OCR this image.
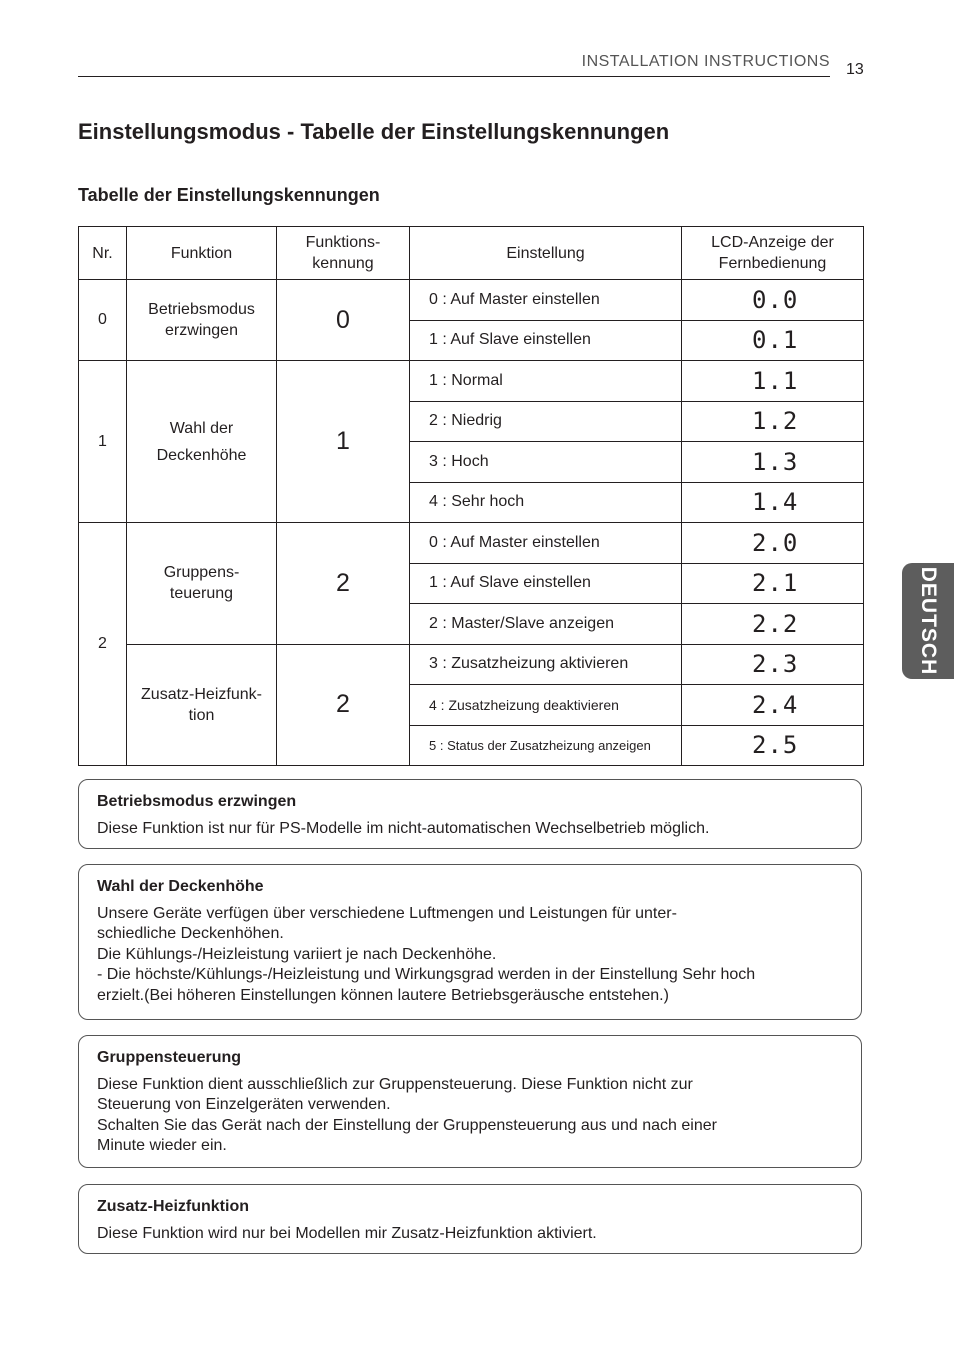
INSTALLATION INSTRUCTIONS 13
DEUTSCH
Einstellungsmodus - Tabelle der Einstellungskennungen
Tabelle der Einstellungskennungen
Nr.	Funktion	Funktions-kennung	Einstellung	LCD-Anzeige der Fernbedienung
0	Betriebsmodus erzwingen	0	0 : Auf Master einstellen	0.0
			1 : Auf Slave einstellen	0.1
1	Wahl der Deckenhöhe	1	1 : Normal	1.1
			2 : Niedrig	1.2
			3 : Hoch	1.3
			4 : Sehr hoch	1.4
2	Gruppens-teuerung	2	0 : Auf Master einstellen	2.0
			1 : Auf Slave einstellen	2.1
			2 : Master/Slave anzeigen	2.2
	Zusatz-Heizfunk-tion	2	3 : Zusatzheizung aktivieren	2.3
			4 : Zusatzheizung deaktivieren	2.4
			5 : Status der Zusatzheizung anzeigen	2.5
Betriebsmodus erzwingen

Diese Funktion ist nur für PS-Modelle im nicht-automatischen Wechselbetrieb möglich.

Wahl der Deckenhöhe

Unsere Geräte verfügen über verschiedene Luftmengen und Leistungen für unter-

schiedliche Deckenhöhen.

Die Kühlungs-/Heizleistung variiert je nach Deckenhöhe.

- Die höchste/Kühlungs-/Heizleistung und Wirkungsgrad werden in der Einstellung Sehr hoch

erzielt.(Bei höheren Einstellungen können lautere Betriebsgeräusche entstehen.)

Gruppensteuerung

Diese Funktion dient ausschließlich zur Gruppensteuerung. Diese Funktion nicht zur

Steuerung von Einzelgeräten verwenden.

Schalten Sie das Gerät nach der Einstellung der Gruppensteuerung aus und nach einer

Minute wieder ein.

Zusatz-Heizfunktion

Diese Funktion wird nur bei Modellen mir Zusatz-Heizfunktion aktiviert.
